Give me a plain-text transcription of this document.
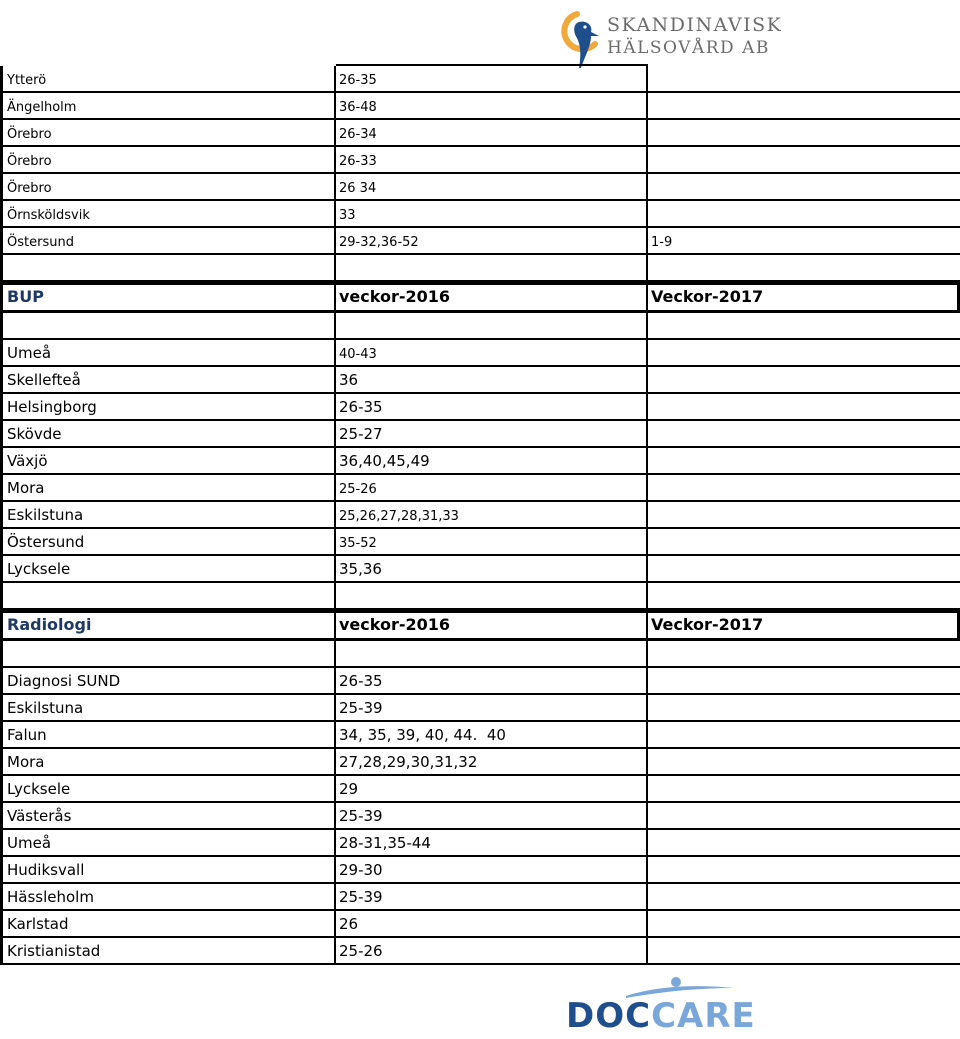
SKANDINAVISK
HÄLSOVÅRD AB
Ytterö	26-35
Ängelholm	36-48
Örebro	26-34
Örebro	26-33
Örebro	26 34
Örnsköldsvik	33
Östersund	29-32,36-52	1-9
BUP	veckor-2016	Veckor-2017
Umeå	40-43
Skellefteå	36
Helsingborg	26-35
Skövde	25-27
Växjö	36,40,45,49
Mora	25-26
Eskilstuna	25,26,27,28,31,33
Östersund	35-52
Lycksele	35,36
Radiologi	veckor-2016	Veckor-2017
Diagnosi SUND	26-35
Eskilstuna	25-39
Falun	34, 35, 39, 40, 44.  40
Mora	27,28,29,30,31,32
Lycksele	29
Västerås	25-39
Umeå	28-31,35-44
Hudiksvall	29-30
Hässleholm	25-39
Karlstad	26
Kristianistad	25-26
DOCCARE
